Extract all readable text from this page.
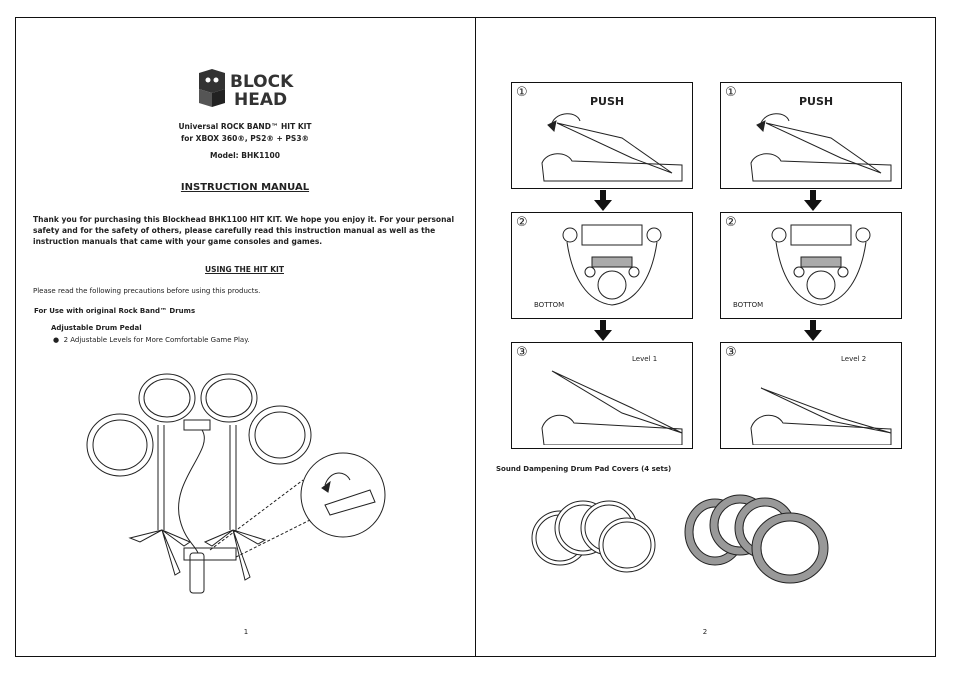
BLOCK
HEAD
Universal ROCK BAND™ HIT KIT
for XBOX 360®, PS2® + PS3®
Model: BHK1100
INSTRUCTION MANUAL
Thank you for purchasing this Blockhead BHK1100 HIT KIT. We hope you enjoy it. For your personal safety and for the safety of others, please carefully read this instruction manual as well as the instruction manuals that came with your game consoles and games.
USING THE HIT KIT
Please read the following precautions before using this products.
For Use with original Rock Band™ Drums
Adjustable Drum Pedal
●  2 Adjustable Levels for More Comfortable Game Play.
1
①
PUSH
②
BOTTOM
③	Level 1
①
PUSH
②
BOTTOM
③	Level 2
Sound Dampening Drum Pad Covers (4 sets)
2
